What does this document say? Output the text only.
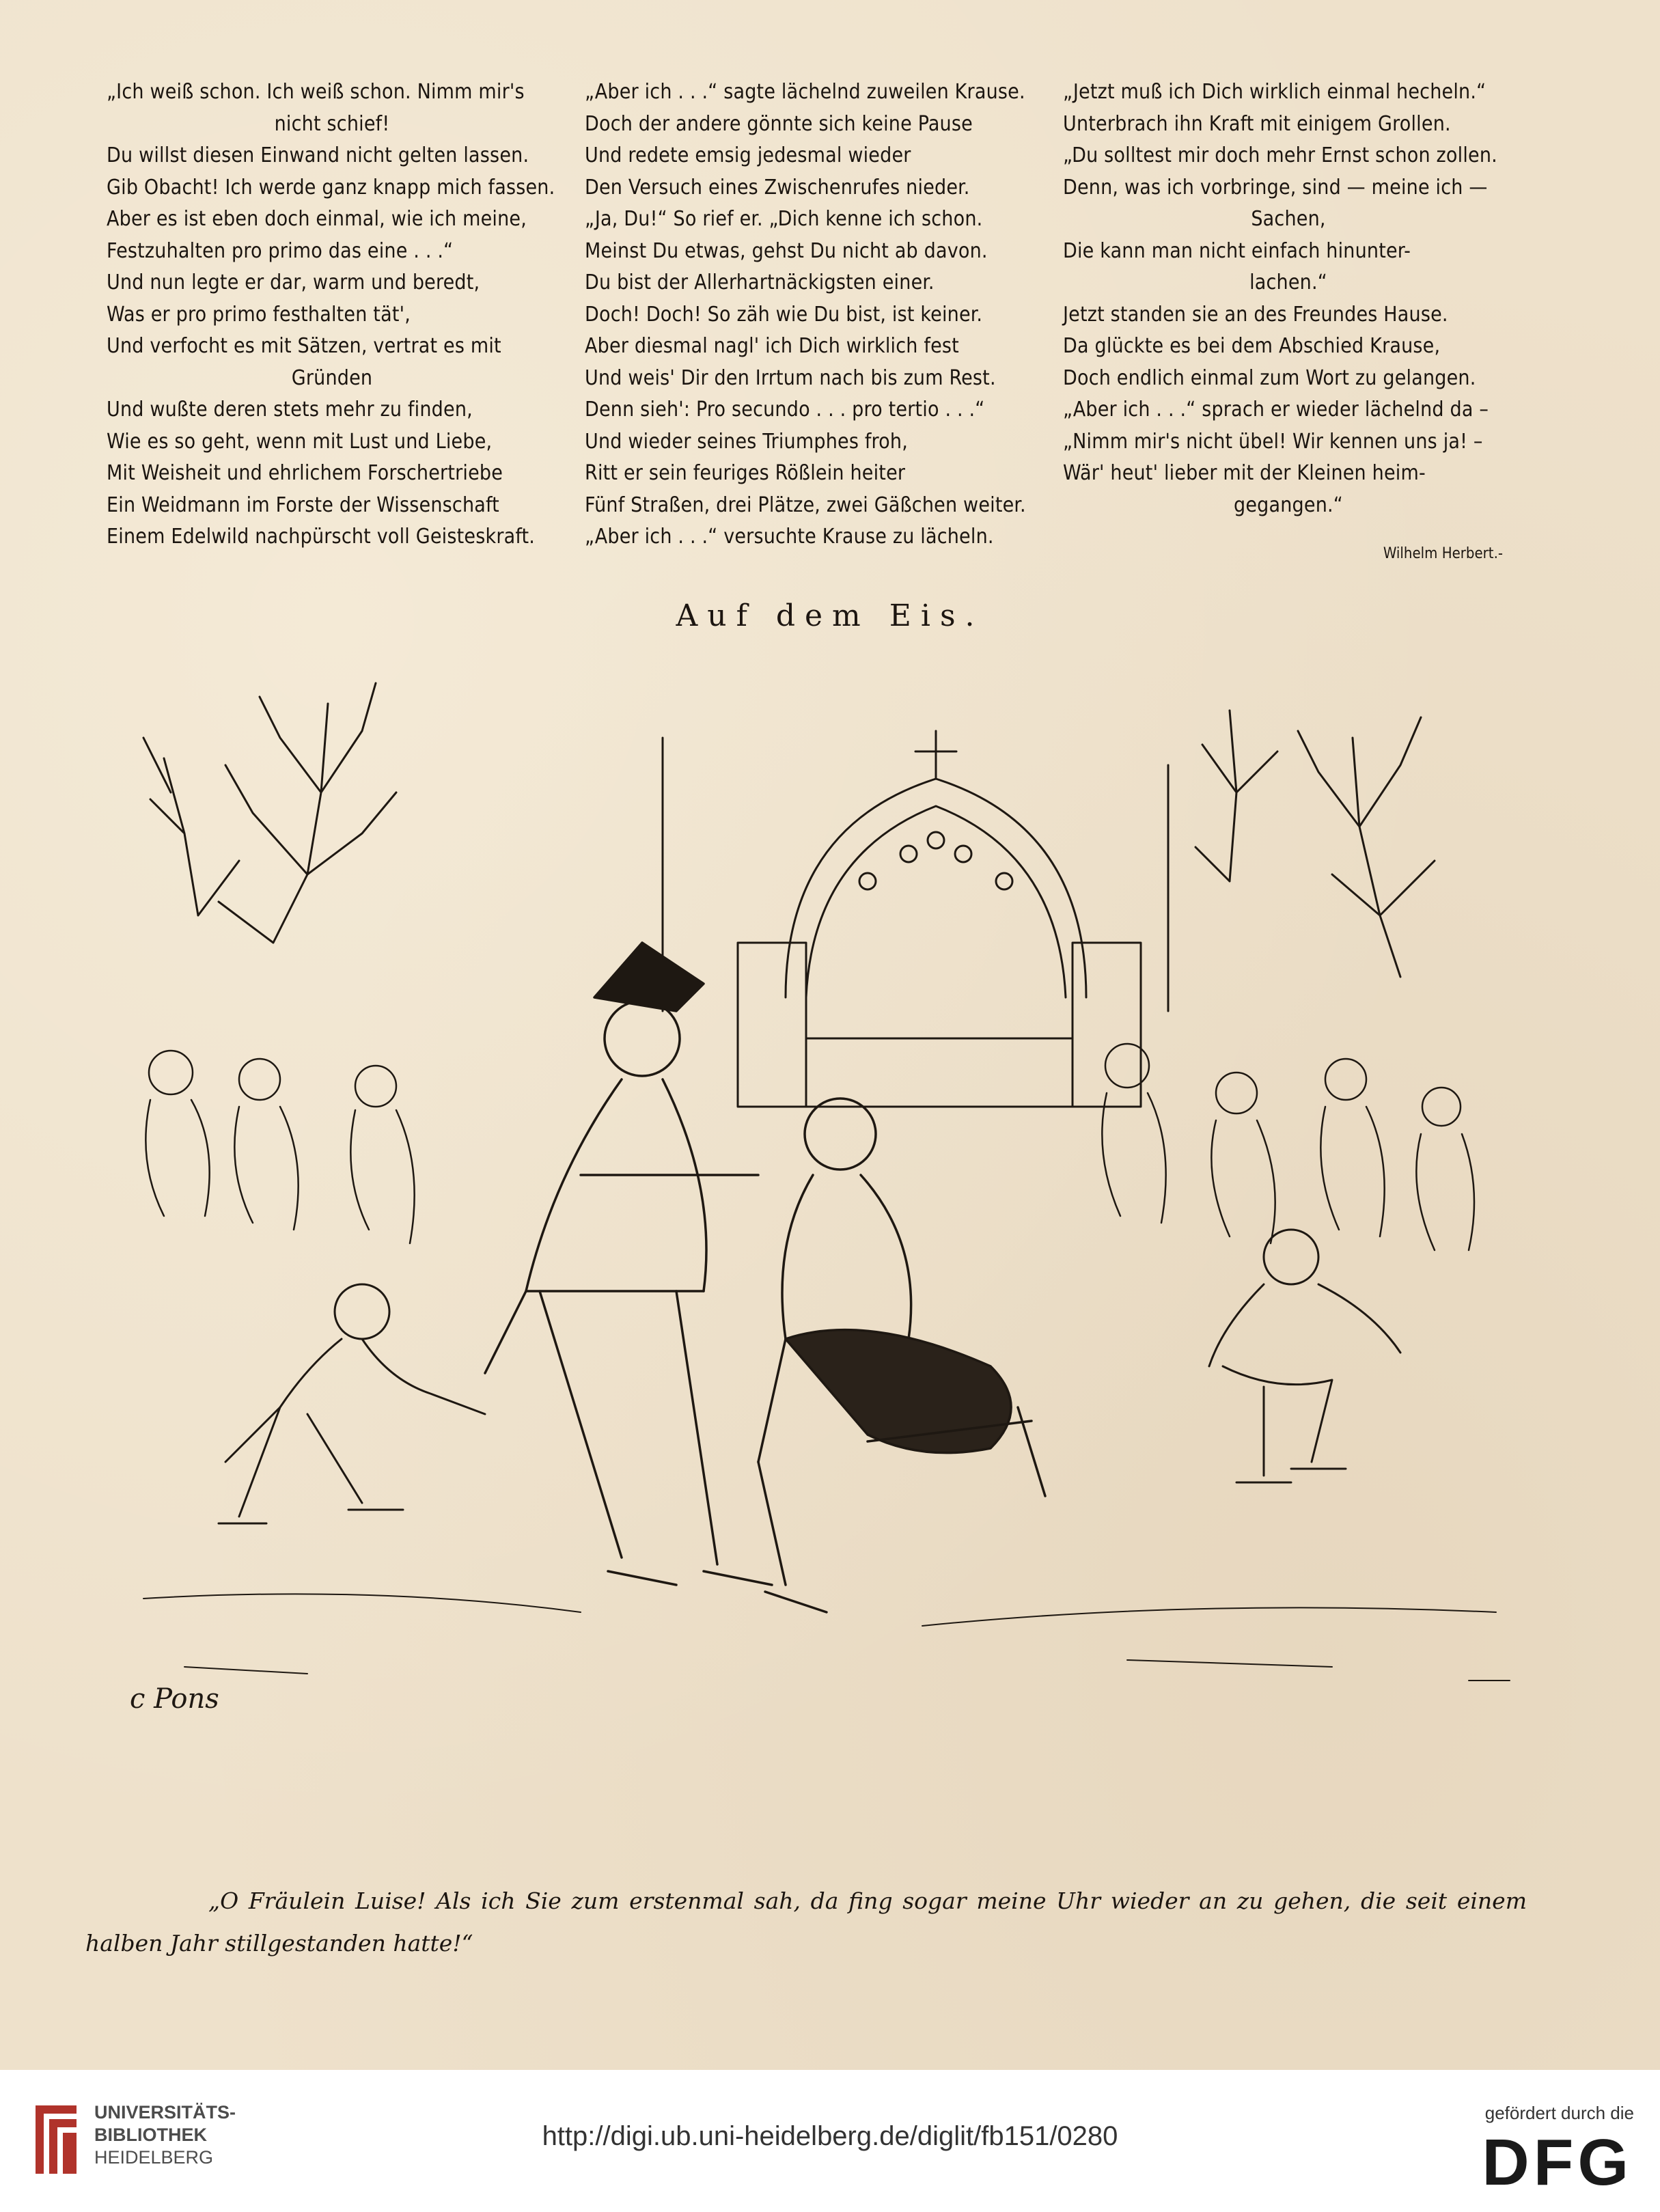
„Ich weiß schon. Ich weiß schon. Nimm mir's
nicht schief!
Du willst diesen Einwand nicht gelten lassen.
Gib Obacht! Ich werde ganz knapp mich fassen.
Aber es ist eben doch einmal, wie ich meine,
Festzuhalten pro primo das eine . . .“
Und nun legte er dar, warm und beredt,
Was er pro primo festhalten tät',
Und verfocht es mit Sätzen, vertrat es mit
Gründen
Und wußte deren stets mehr zu finden,
Wie es so geht, wenn mit Lust und Liebe,
Mit Weisheit und ehrlichem Forschertriebe
Ein Weidmann im Forste der Wissenschaft
Einem Edelwild nachpürscht voll Geisteskraft.
„Aber ich . . .“ sagte lächelnd zuweilen Krause.
Doch der andere gönnte sich keine Pause
Und redete emsig jedesmal wieder
Den Versuch eines Zwischenrufes nieder.
„Ja, Du!“ So rief er. „Dich kenne ich schon.
Meinst Du etwas, gehst Du nicht ab davon.
Du bist der Allerhartnäckigsten einer.
Doch! Doch! So zäh wie Du bist, ist keiner.
Aber diesmal nagl' ich Dich wirklich fest
Und weis' Dir den Irrtum nach bis zum Rest.
Denn sieh': Pro secundo . . . pro tertio . . .“
Und wieder seines Triumphes froh,
Ritt er sein feuriges Rößlein heiter
Fünf Straßen, drei Plätze, zwei Gäßchen weiter.
„Aber ich . . .“ versuchte Krause zu lächeln.
„Jetzt muß ich Dich wirklich einmal hecheln.“
Unterbrach ihn Kraft mit einigem Grollen.
„Du solltest mir doch mehr Ernst schon zollen.
Denn, was ich vorbringe, sind — meine ich —
Sachen,
Die kann man nicht einfach hinunter-
lachen.“
Jetzt standen sie an des Freundes Hause.
Da glückte es bei dem Abschied Krause,
Doch endlich einmal zum Wort zu gelangen.
„Aber ich . . .“ sprach er wieder lächelnd da –
„Nimm mir's nicht übel! Wir kennen uns ja! –
Wär' heut' lieber mit der Kleinen heim-
gegangen.“
Wilhelm Herbert.-
Auf dem Eis.
c Pons
„O Fräulein Luise! Als ich Sie zum erstenmal sah, da fing sogar meine Uhr wieder an zu gehen, die seit einem halben Jahr stillgestanden hatte!“
UNIVERSITÄTS-
BIBLIOTHEK
HEIDELBERG
http://digi.ub.uni-heidelberg.de/diglit/fb151/0280
gefördert durch die
DFG
